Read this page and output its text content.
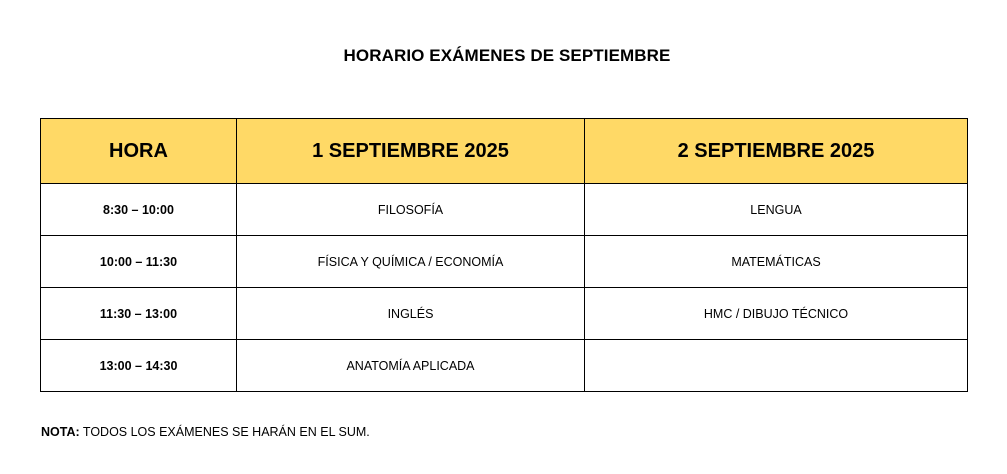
HORARIO EXÁMENES DE SEPTIEMBRE
HORA	1 SEPTIEMBRE 2025	2 SEPTIEMBRE 2025
8:30 – 10:00	FILOSOFÍA	LENGUA
10:00 – 11:30	FÍSICA Y QUÍMICA / ECONOMÍA	MATEMÁTICAS
11:30 – 13:00	INGLÉS	HMC / DIBUJO TÉCNICO
13:00 – 14:30	ANATOMÍA APLICADA	
NOTA: TODOS LOS EXÁMENES SE HARÁN EN EL SUM.
